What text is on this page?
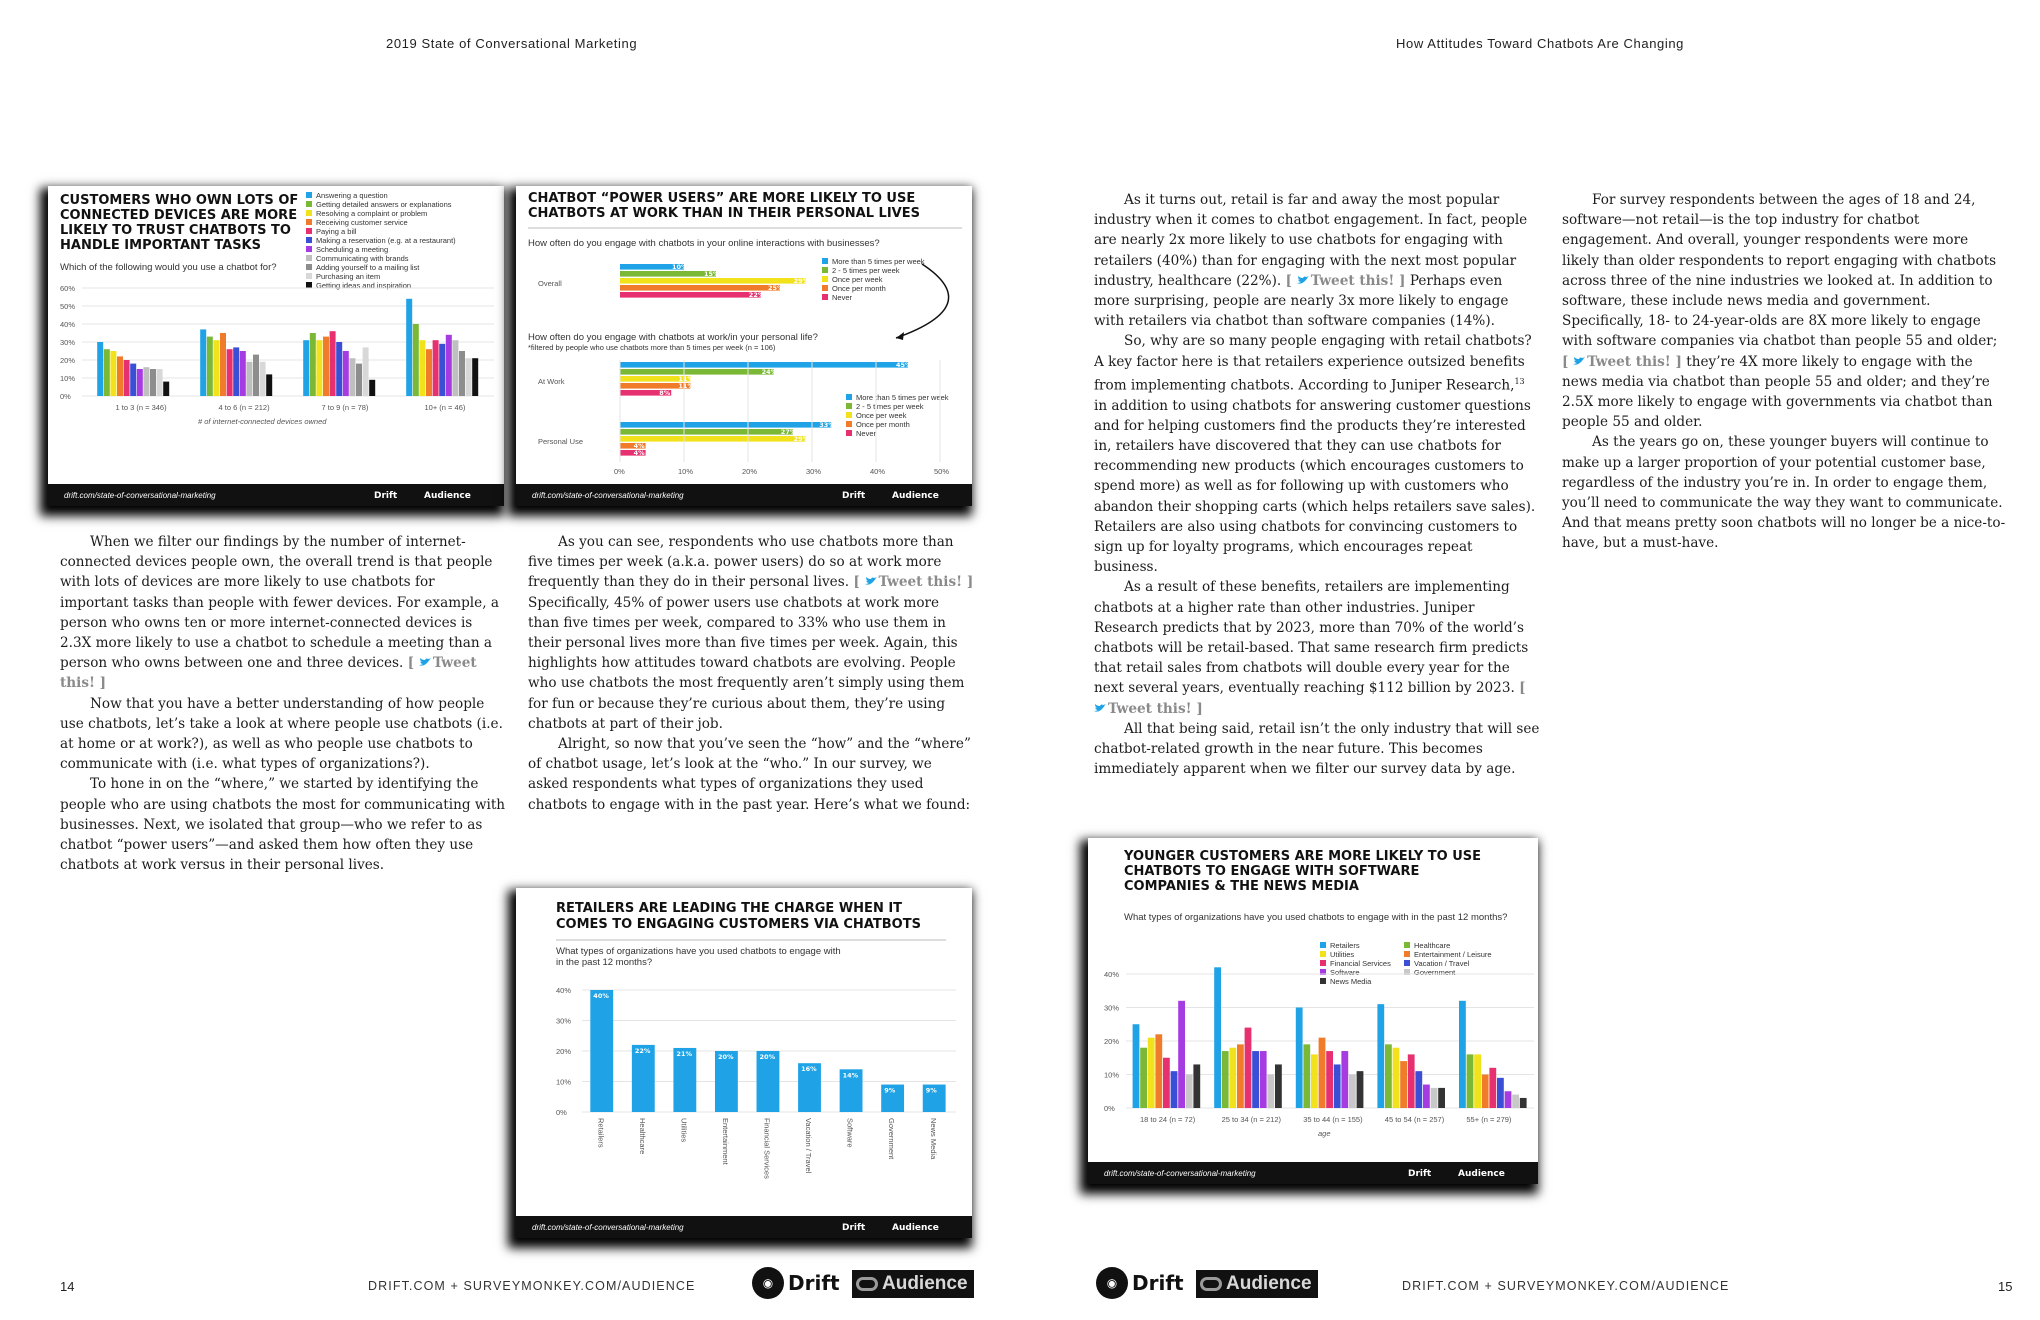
2019 State of Conversational Marketing	How Attitudes Toward Chatbots Are Changing
CUSTOMERS WHO OWN LOTS OF
CONNECTED DEVICES ARE MORE
LIKELY TO TRUST CHATBOTS TO
HANDLE IMPORTANT TASKS
Which of the following would you use a chatbot for?
Answering a question
Getting detailed answers or explanations
Resolving a complaint or problem
Receiving customer service
Paying a bill
Making a reservation (e.g. at a restaurant)
Scheduling a meeting
Communicating with brands
Adding yourself to a mailing list
Purchasing an item
Getting ideas and inspiration
0%
10%
20%
30%
40%
50%
60%
1 to 3 (n = 346)	4 to 6 (n = 212)	7 to 9 (n = 78)	10+ (n = 46)
# of internet-connected devices owned
drift.com/state-of-conversational-marketing	Drift	Audience
CHATBOT “POWER USERS” ARE MORE LIKELY TO USE
CHATBOTS AT WORK THAN IN THEIR PERSONAL LIVES
How often do you engage with chatbots in your online interactions with businesses?
How often do you engage with chatbots at work/in your personal life?
*filtered by people who use chatbots more than 5 times per week (n = 106)
More than 5 times per week
2 - 5 times per week
Once per week
Once per month
Never
More than 5 times per week
2 - 5 times per week
Once per week
Once per month
Never
Overall
10%
15%
29%
25%
22%
At Work
45%
24%
11%
11%
8%
Personal Use
33%
27%
29%
4%
4%
0%	10%	20%	30%	40%	50%
drift.com/state-of-conversational-marketing	Drift	Audience
RETAILERS ARE LEADING THE CHARGE WHEN IT
COMES TO ENGAGING CUSTOMERS VIA CHATBOTS
What types of organizations have you used chatbots to engage with
in the past 12 months?
0%
10%
20%
30%
40%
40%
Retailers
22%
Healthcare
21%
Utilities
20%
Entertainment
20%
Financial Services
16%
Vacation / Travel
14%
Software
9%
Government
9%
News Media
drift.com/state-of-conversational-marketing	Drift	Audience
YOUNGER CUSTOMERS ARE MORE LIKELY TO USE
CHATBOTS TO ENGAGE WITH SOFTWARE
COMPANIES & THE NEWS MEDIA
What types of organizations have you used chatbots to engage with in the past 12 months?
Retailers
Utilities
Financial Services
Software
News Media
Healthcare
Entertainment / Leisure
Vacation / Travel
Government
0%
10%
20%
30%
40%
18 to 24 (n = 72)	25 to 34 (n = 212)	35 to 44 (n = 155)	45 to 54 (n = 257)	55+ (n = 279)
age
drift.com/state-of-conversational-marketing	Drift	Audience

When we filter our findings by the number of internet-connected devices people own, the overall trend is that people with lots of devices are more likely to use chatbots for important tasks than people with fewer devices. For example, a person who owns ten or more internet-connected devices is 2.3X more likely to use a chatbot to schedule a meeting than a person who owns between one and three devices. [ Tweet this! ]

Now that you have a better understanding of how people use chatbots, let’s take a look at where people use chatbots (i.e. at home or at work?), as well as who people use chatbots to communicate with (i.e. what types of organizations?).

To hone in on the “where,” we started by identifying the people who are using chatbots the most for communicating with businesses. Next, we isolated that group—who we refer to as chatbot “power users”—and asked them how often they use chatbots at work versus in their personal lives.

As you can see, respondents who use chatbots more than five times per week (a.k.a. power users) do so at work more frequently than they do in their personal lives. [ Tweet this! ] Specifically, 45% of power users use chatbots at work more than five times per week, compared to 33% who use them in their personal lives more than five times per week. Again, this highlights how attitudes toward chatbots are evolving. People who use chatbots the most frequently aren’t simply using them for fun or because they’re curious about them, they’re using chatbots at part of their job.

Alright, so now that you’ve seen the “how” and the “where” of chatbot usage, let’s look at the “who.” In our survey, we asked respondents what types of organizations they used chatbots to engage with in the past year. Here’s what we found:

As it turns out, retail is far and away the most popular industry when it comes to chatbot engagement. In fact, people are nearly 2x more likely to use chatbots for engaging with retailers (40%) than for engaging with the next most popular industry, healthcare (22%). [ Tweet this! ] Perhaps even more surprising, people are nearly 3x more likely to engage with retailers via chatbot than software companies (14%).

So, why are so many people engaging with retail chatbots? A key factor here is that retailers experience outsized benefits from implementing chatbots. According to Juniper Research,$^{13}$ in addition to using chatbots for answering customer questions and for helping customers find the products they’re interested in, retailers have discovered that they can use chatbots for recommending new products (which encourages customers to spend more) as well as for following up with customers who abandon their shopping carts (which helps retailers save sales). Retailers are also using chatbots for convincing customers to sign up for loyalty programs, which encourages repeat business.

As a result of these benefits, retailers are implementing chatbots at a higher rate than other industries. Juniper Research predicts that by 2023, more than 70% of the world’s chatbots will be retail-based. That same research firm predicts that retail sales from chatbots will double every year for the next several years, eventually reaching $112 billion by 2023. [ Tweet this! ]

All that being said, retail isn’t the only industry that will see chatbot-related growth in the near future. This becomes immediately apparent when we filter our survey data by age.

For survey respondents between the ages of 18 and 24, software—not retail—is the top industry for chatbot engagement. And overall, younger respondents were more likely than older respondents to report engaging with chatbots across three of the nine industries we looked at. In addition to software, these include news media and government. Specifically, 18- to 24-year-olds are 8X more likely to engage with software companies via chatbot than people 55 and older; [ Tweet this! ] they’re 4X more likely to engage with the news media via chatbot than people 55 and older; and they’re 2.5X more likely to engage with governments via chatbot than people 55 and older.

As the years go on, these younger buyers will continue to make up a larger proportion of your potential customer base, regardless of the industry you’re in. In order to engage them, you’ll need to communicate the way they want to communicate. And that means pretty soon chatbots will no longer be a nice-to-have, but a must-have.

14	DRIFT.COM + SURVEYMONKEY.COM/AUDIENCE	◉ Drift Audience	◉ Drift Audience	DRIFT.COM + SURVEYMONKEY.COM/AUDIENCE	15
